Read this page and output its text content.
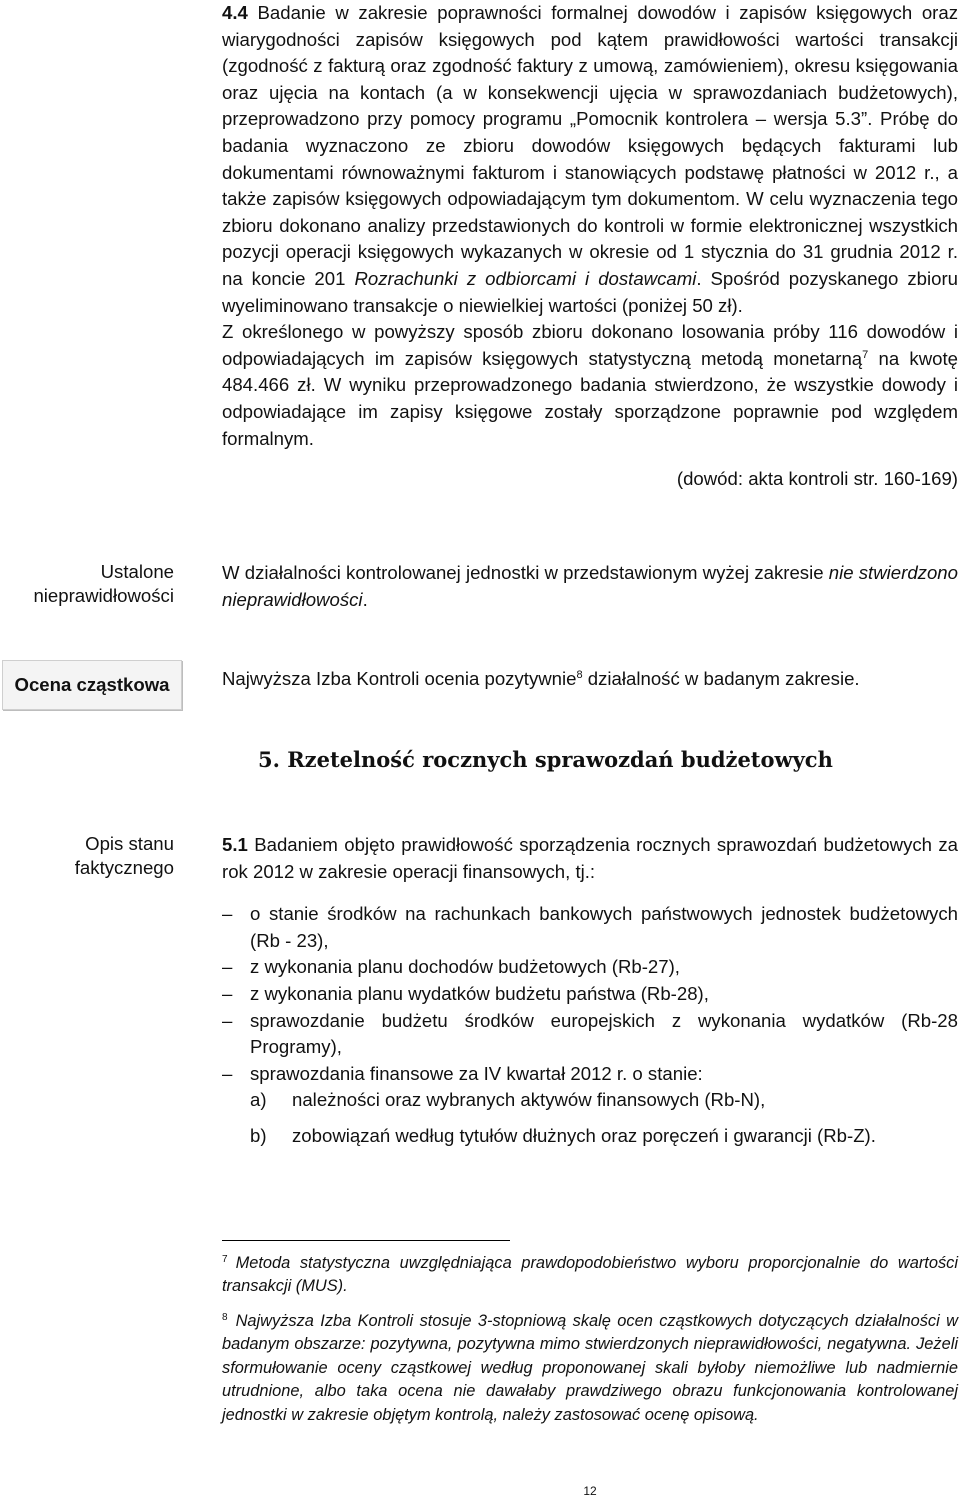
4.4 Badanie w zakresie poprawności formalnej dowodów i zapisów księgowych oraz wiarygodności zapisów księgowych pod kątem prawidłowości wartości transakcji (zgodność z fakturą oraz zgodność faktury z umową, zamówieniem), okresu księgowania oraz ujęcia na kontach (a w konsekwencji ujęcia w sprawozdaniach budżetowych), przeprowadzono przy pomocy programu „Pomocnik kontrolera – wersja 5.3”. Próbę do badania wyznaczono ze zbioru dowodów księgowych będących fakturami lub dokumentami równoważnymi fakturom i stanowiących podstawę płatności w 2012 r., a także zapisów księgowych odpowiadającym tym dokumentom. W celu wyznaczenia tego zbioru dokonano analizy przedstawionych do kontroli w formie elektronicznej wszystkich pozycji operacji księgowych wykazanych w okresie od 1 stycznia do 31 grudnia 2012 r. na koncie 201 Rozrachunki z odbiorcami i dostawcami. Spośród pozyskanego zbioru wyeliminowano transakcje o niewielkiej wartości (poniżej 50 zł).

Z określonego w powyższy sposób zbioru dokonano losowania próby 116 dowodów i odpowiadających im zapisów księgowych statystyczną metodą monetarną$^7$ na kwotę 484.466 zł. W wyniku przeprowadzonego badania stwierdzono, że wszystkie dowody i odpowiadające im zapisy księgowe zostały sporządzone poprawnie pod względem formalnym.

(dowód: akta kontroli str. 160-169)

Ustalone nieprawidłowości
W działalności kontrolowanej jednostki w przedstawionym wyżej zakresie nie stwierdzono nieprawidłowości.
Ocena cząstkowa	Najwyższa Izba Kontroli ocenia pozytywnie$^8$ działalność w badanym zakresie.
5. Rzetelność rocznych sprawozdań budżetowych
Opis stanu faktycznego

5.1 Badaniem objęto prawidłowość sporządzenia rocznych sprawozdań budżetowych za rok 2012 w zakresie operacji finansowych, tj.:

– o stanie środków na rachunkach bankowych państwowych jednostek budżetowych (Rb - 23),
– z wykonania planu dochodów budżetowych (Rb-27),
– z wykonania planu wydatków budżetu państwa (Rb-28),
– sprawozdanie budżetu środków europejskich z wykonania wydatków (Rb-28 Programy),
– sprawozdania finansowe za IV kwartał 2012 r. o stanie:
a) należności oraz wybranych aktywów finansowych (Rb-N),
b) zobowiązań według tytułów dłużnych oraz poręczeń i gwarancji (Rb-Z).
$^7$ Metoda statystyczna uwzględniająca prawdopodobieństwo wyboru proporcjonalnie do wartości transakcji (MUS).
$^8$ Najwyższa Izba Kontroli stosuje 3-stopniową skalę ocen cząstkowych dotyczących działalności w badanym obszarze: pozytywna, pozytywna mimo stwierdzonych nieprawidłowości, negatywna. Jeżeli sformułowanie oceny cząstkowej według proponowanej skali byłoby niemożliwe lub nadmiernie utrudnione, albo taka ocena nie dawałaby prawdziwego obrazu funkcjonowania kontrolowanej jednostki w zakresie objętym kontrolą, należy zastosować ocenę opisową.
12
